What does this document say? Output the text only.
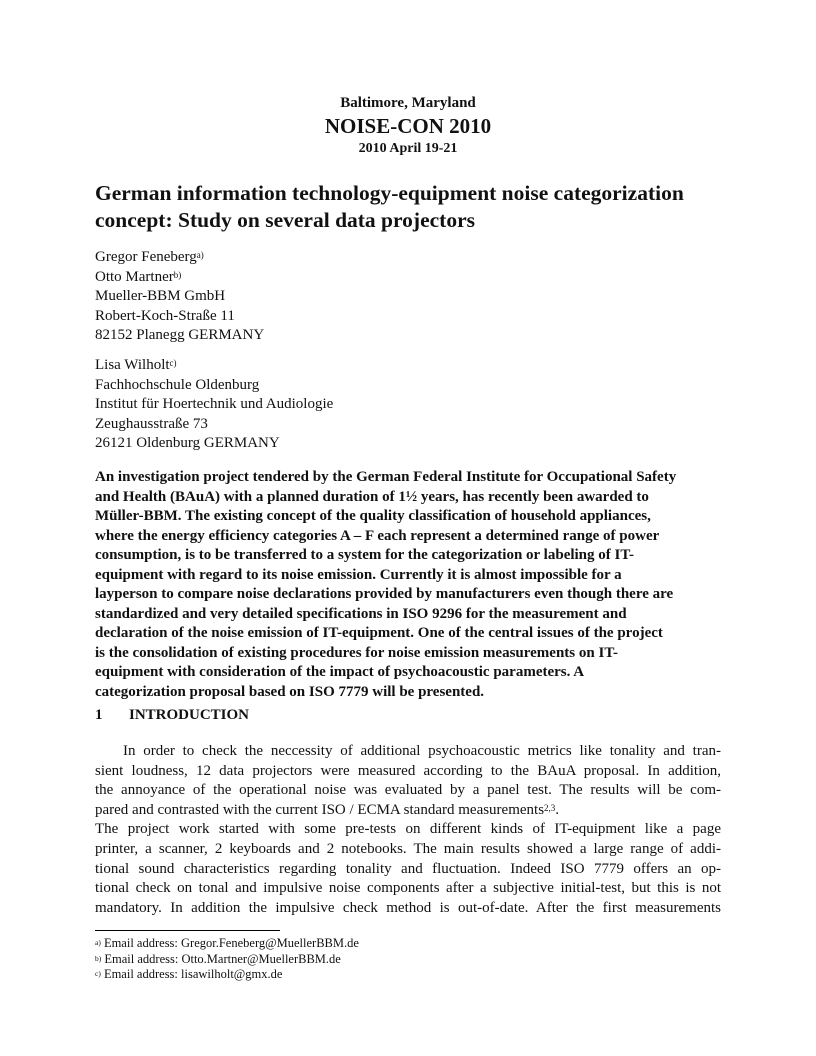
Baltimore, Maryland
NOISE-CON 2010
2010 April 19-21
German information technology-equipment noise categorization
concept: Study on several data projectors
Gregor Feneberg$^{a)}$
Otto Martner$^{b)}$
Mueller-BBM GmbH
Robert-Koch-Straße 11
82152 Planegg GERMANY
Lisa Wilholt$^{c)}$
Fachhochschule Oldenburg
Institut für Hoertechnik und Audiologie
Zeughausstraße 73
26121 Oldenburg GERMANY
An investigation project tendered by the German Federal Institute for Occupational Safety
and Health (BAuA) with a planned duration of 1½ years, has recently been awarded to
Müller-BBM. The existing concept of the quality classification of household appliances,
where the energy efficiency categories A – F each represent a determined range of power
consumption, is to be transferred to a system for the categorization or labeling of IT-
equipment with regard to its noise emission. Currently it is almost impossible for a
layperson to compare noise declarations provided by manufacturers even though there are
standardized and very detailed specifications in ISO 9296 for the measurement and
declaration of the noise emission of IT-equipment. One of the central issues of the project
is the consolidation of existing procedures for noise emission measurements on IT-
equipment with consideration of the impact of psychoacoustic parameters. A
categorization proposal based on ISO 7779 will be presented.
1 INTRODUCTION
In order to check the neccessity of additional psychoacoustic metrics like tonality and tran-
sient loudness, 12 data projectors were measured according to the BAuA proposal. In addition,
the annoyance of the operational noise was evaluated by a panel test. The results will be com-
pared and contrasted with the current ISO / ECMA standard measurements$^{2,3}$.
The project work started with some pre-tests on different kinds of IT-equipment like a page
printer, a scanner, 2 keyboards and 2 notebooks. The main results showed a large range of addi-
tional sound characteristics regarding tonality and fluctuation. Indeed ISO 7779 offers an op-
tional check on tonal and impulsive noise components after a subjective initial-test, but this is not
mandatory. In addition the impulsive check method is out-of-date. After the first measurements
$^{a)}$ Email address: Gregor.Feneberg@MuellerBBM.de
$^{b)}$ Email address: Otto.Martner@MuellerBBM.de
$^{c)}$ Email address: lisawilholt@gmx.de
